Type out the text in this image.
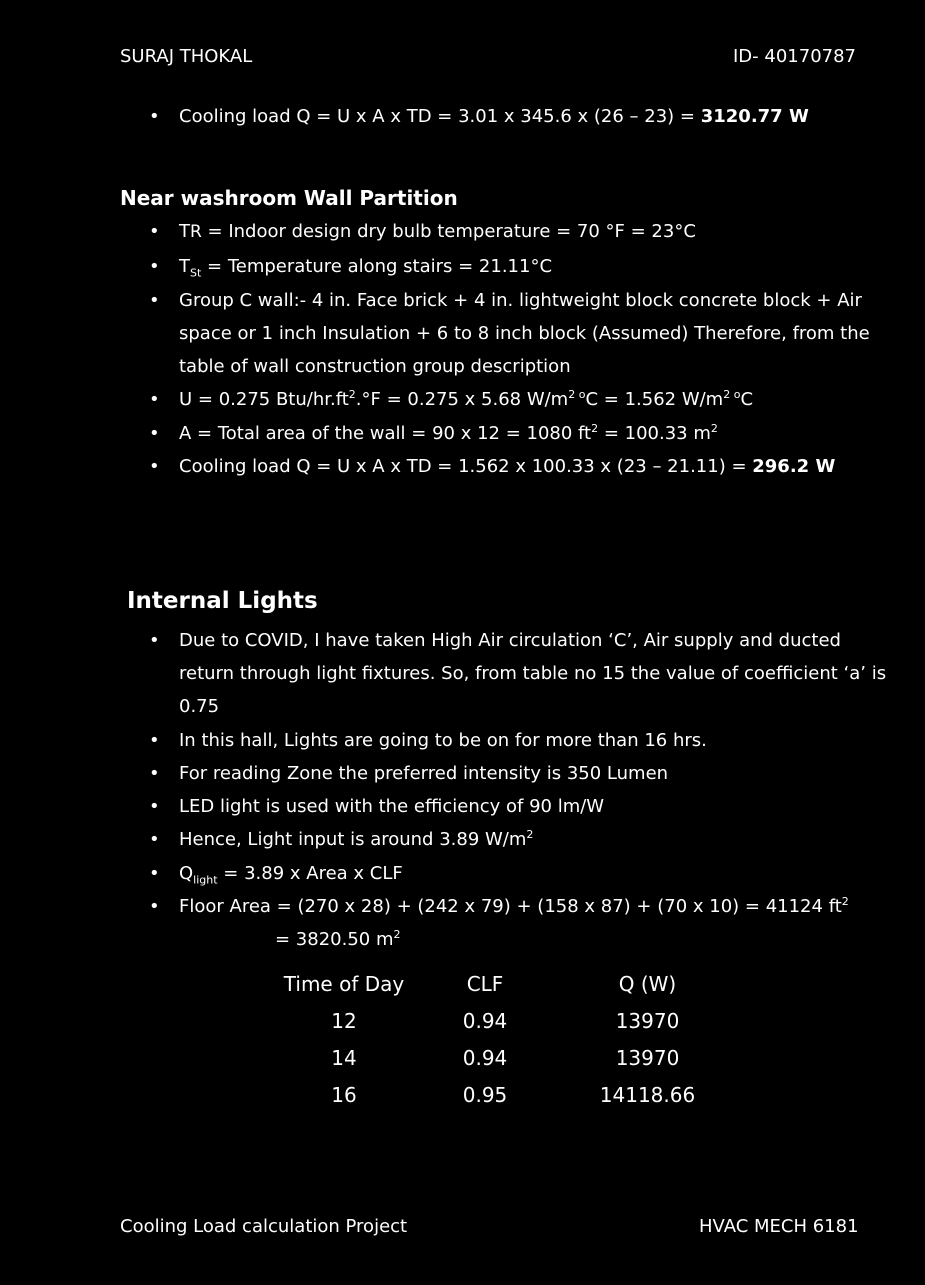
SURAJ THOKAL	ID- 40170787
• Cooling load Q = U x A x TD = 3.01 x 345.6 x (26 – 23) = 3120.77 W
Near washroom Wall Partition
• TR = Indoor design dry bulb temperature = 70 °F = 23°C
• $T_{St}$ = Temperature along stairs = 21.11°C
• Group C wall:- 4 in. Face brick + 4 in. lightweight block concrete block + Air space or 1 inch Insulation + 6 to 8 inch block (Assumed) Therefore, from the table of wall construction group description
• U = 0.275 Btu/$hr.ft^2.^\circ F = 0.275$ x 5.68 $W/m^{2 o}C = 1.562$ $W/m^{2 o}C$
• A = Total area of the wall = 90 x 12 = 1080 $ft^2 = 100.33$ $m^2$
• Cooling load Q = U x A x TD = 1.562 x 100.33 x (23 – 21.11) = 296.2 W
Internal Lights
• Due to COVID, I have taken High Air circulation ‘C’, Air supply and ducted return through light fixtures. So, from table no 15 the value of coefficient ‘a’ is 0.75
• In this hall, Lights are going to be on for more than 16 hrs.
• For reading Zone the preferred intensity is 350 Lumen
• LED light is used with the efficiency of 90 lm/W
• Hence, Light input is around 3.89 $W/m^2$
• $Q_{light} = 3.89$ x Area x CLF
• Floor Area = (270 x 28) + (242 x 79) + (158 x 87) + (70 x 10) = 41124 $ft^2$
= 3820.50 $m^2$
Time of Day	CLF	Q (W)
12	0.94	13970
14	0.94	13970
16	0.95	14118.66
Cooling Load calculation Project	HVAC MECH 6181
